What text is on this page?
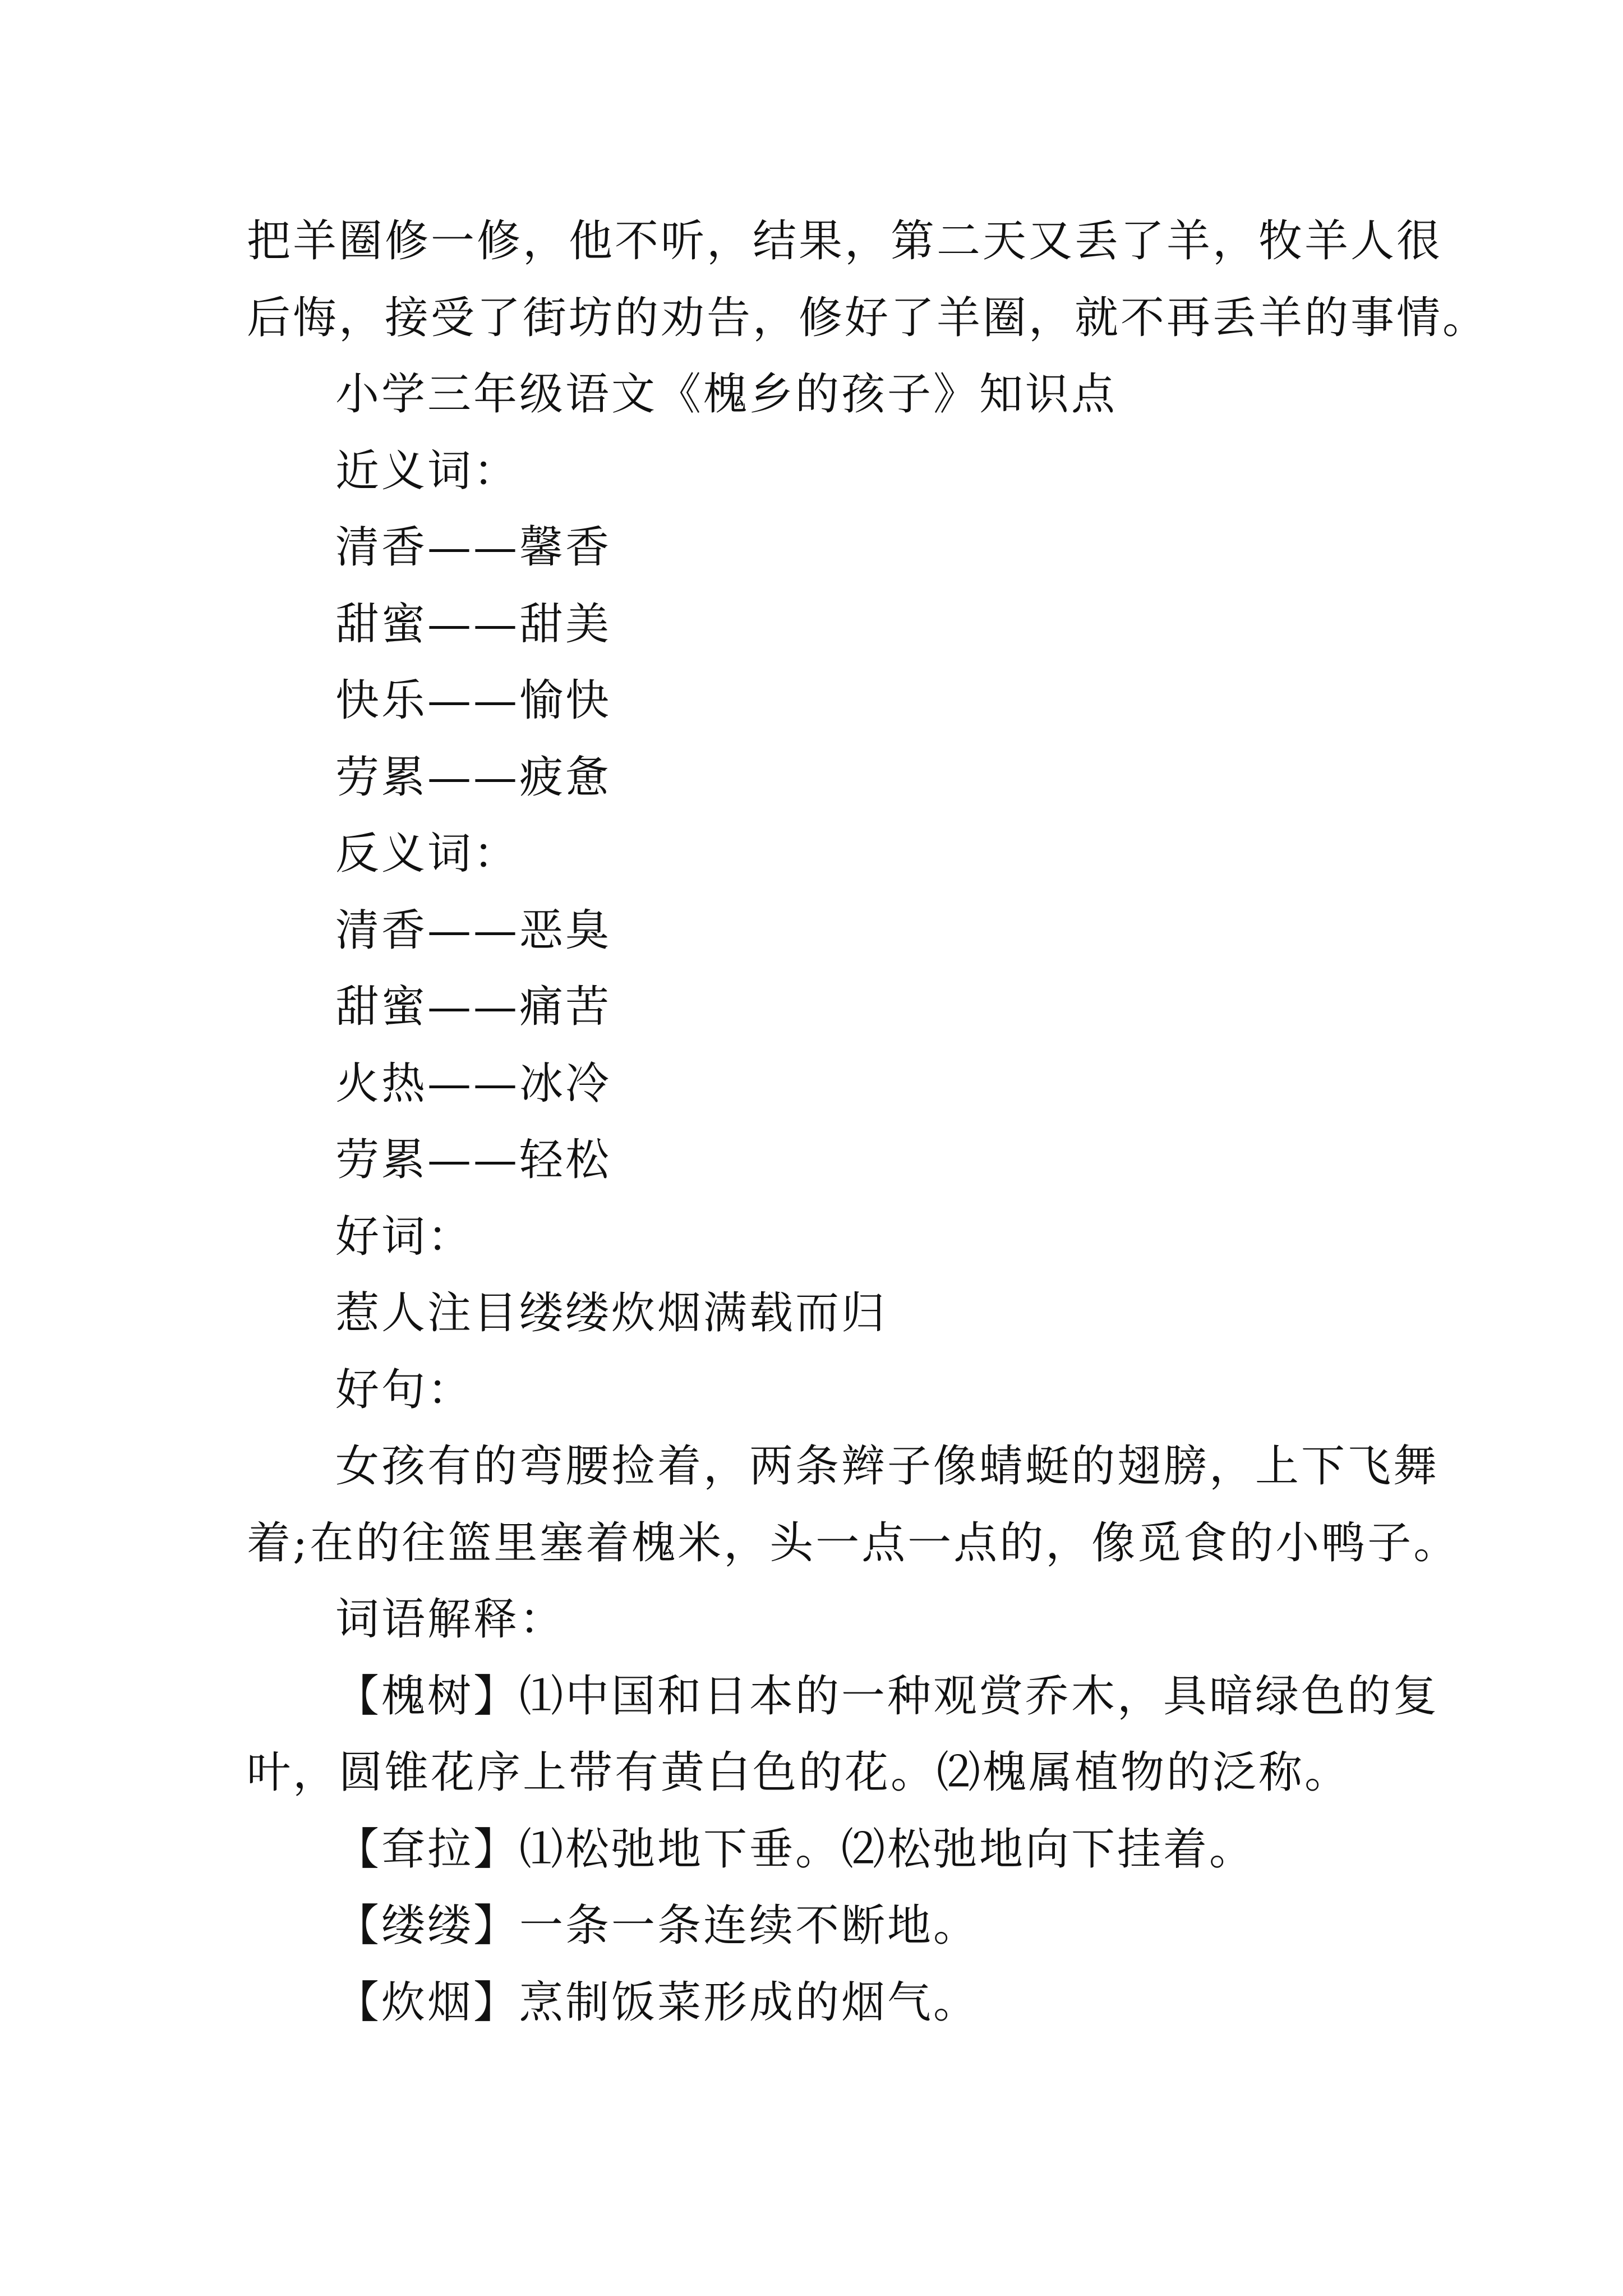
把羊圈修一修，他不听，结果，第二天又丢了羊，牧羊人很
后悔，接受了街坊的劝告，修好了羊圈，就不再丢羊的事情。
小学三年级语文《槐乡的孩子》知识点
近义词：
清香——馨香
甜蜜——甜美
快乐——愉快
劳累——疲惫
反义词：
清香——恶臭
甜蜜——痛苦
火热——冰冷
劳累——轻松
好词：
惹人注目缕缕炊烟满载而归
好句：
女孩有的弯腰捡着，两条辫子像蜻蜓的翅膀，上下飞舞
着;在的往篮里塞着槐米，头一点一点的，像觅食的小鸭子。
词语解释：
【槐树】⑴中国和日本的一种观赏乔木，具暗绿色的复
叶，圆锥花序上带有黄白色的花。⑵槐属植物的泛称。
【耷拉】⑴松弛地下垂。⑵松弛地向下挂着。
【缕缕】一条一条连续不断地。
【炊烟】烹制饭菜形成的烟气。
